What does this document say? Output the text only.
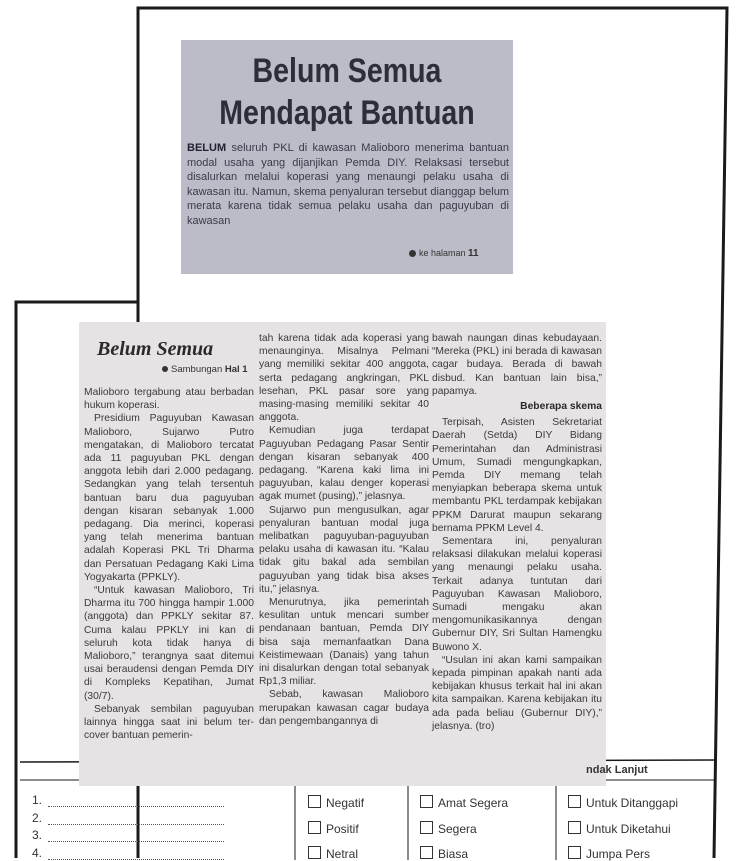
Belum Semua
Mendapat Bantuan
BELUM seluruh PKL di kawasan Malioboro menerima bantuan modal usaha yang dijanjikan Pemda DIY. Relaksasi tersebut disalurkan melalui koperasi yang menaungi pelaku usaha di kawasan itu. Namun, skema penyaluran tersebut dianggap belum merata karena tidak semua pelaku usaha dan paguyuban di kawasan
ke halaman 11
Belum Semua
Sambungan Hal 1

Malioboro tergabung atau berbadan hukum koperasi.

Presidium Paguyuban Kawasan Malioboro, Sujarwo Putro mengatakan, di Malioboro tercatat ada 11 paguyuban PKL dengan anggota lebih dari 2.000 pedagang. Sedangkan yang telah tersentuh bantuan baru dua paguyuban dengan kisaran sebanyak 1.000 pedagang. Dia merinci, koperasi yang telah menerima bantuan adalah Koperasi PKL Tri Dharma dan Persatuan Pedagang Kaki Lima Yogyakarta (PPKLY).

“Untuk kawasan Malioboro, Tri Dharma itu 700 hingga hampir 1.000 (anggota) dan PPKLY sekitar 87. Cuma kalau PPKLY ini kan di seluruh kota tidak hanya di Malioboro,” terangnya saat ditemui usai beraudensi dengan Pemda DIY di Kompleks Kepatihan, Jumat (30/7).

Sebanyak sembilan paguyuban lainnya hingga saat ini belum ter-cover bantuan pemerin-

tah karena tidak ada koperasi yang menaunginya. Misalnya Pelmani yang memiliki sekitar 400 anggota, serta pedagang angkringan, PKL lesehan, PKL pasar sore yang masing-masing memiliki sekitar 40 anggota.

Kemudian juga terdapat Paguyuban Pedagang Pasar Sentir dengan kisaran sebanyak 400 pedagang. “Karena kaki lima ini paguyuban, kalau denger koperasi agak mumet (pusing),” jelasnya.

Sujarwo pun mengusulkan, agar penyaluran bantuan modal juga melibatkan paguyuban-paguyuban pelaku usaha di kawasan itu. “Kalau tidak gitu bakal ada sembilan paguyuban yang tidak bisa akses itu,” jelasnya.

Menurutnya, jika pemerintah kesulitan untuk mencari sumber pendanaan bantuan, Pemda DIY bisa saja memanfaatkan Dana Keistimewaan (Danais) yang tahun ini disalurkan dengan total sebanyak Rp1,3 miliar.

Sebab, kawasan Malioboro merupakan kawasan cagar budaya dan pengembangannya di

bawah naungan dinas kebudayaan. “Mereka (PKL) ini berada di kawasan cagar budaya. Berada di bawah disbud. Kan bantuan lain bisa,” papamya.

Beberapa skema

Terpisah, Asisten Sekretariat Daerah (Setda) DIY Bidang Pemerintahan dan Administrasi Umum, Sumadi mengungkapkan, Pemda DIY memang telah menyiapkan beberapa skema untuk membantu PKL terdampak kebijakan PPKM Darurat maupun sekarang bernama PPKM Level 4.

Sementara ini, penyaluran relaksasi dilakukan melalui koperasi yang menaungi pelaku usaha. Terkait adanya tuntutan dari Paguyuban Kawasan Malioboro, Sumadi mengaku akan mengomunikasikannya dengan Gubernur DIY, Sri Sultan Hamengku Buwono X.

“Usulan ini akan kami sampaikan kepada pimpinan apakah nanti ada kebijakan khusus terkait hal ini akan kita sampaikan. Karena kebijakan itu ada pada beliau (Gubernur DIY),” jelasnya. (tro)

ndak Lanjut
1.
2.
3.
4.
Negatif
Positif
Netral
Amat Segera
Segera
Biasa
Untuk Ditanggapi
Untuk Diketahui
Jumpa Pers
